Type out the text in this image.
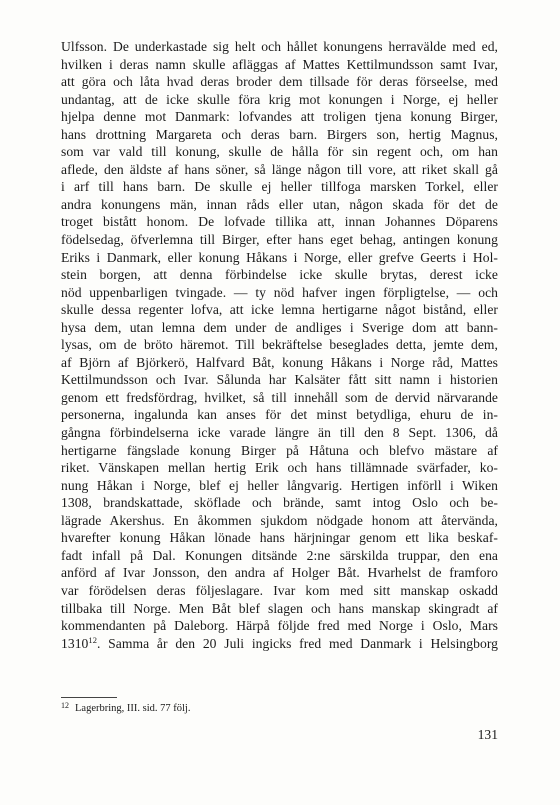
Ulfsson. De underkastade sig helt och hållet konungens herravälde med ed,
hvilken i deras namn skulle afläggas af Mattes Kettilmundsson samt Ivar,
att göra och låta hvad deras broder dem tillsade för deras förseelse, med
undantag, att de icke skulle föra krig mot konungen i Norge, ej heller
hjelpa denne mot Danmark: lofvandes att troligen tjena konung Birger,
hans drottning Margareta och deras barn. Birgers son, hertig Magnus,
som var vald till konung, skulle de hålla för sin regent och, om han
aflede, den äldste af hans söner, så länge någon till vore, att riket skall gå
i arf till hans barn. De skulle ej heller tillfoga marsken Torkel, eller
andra konungens män, innan råds eller utan, någon skada för det de
troget bistått honom. De lofvade tillika att, innan Johannes Döparens
födelsedag, öfverlemna till Birger, efter hans eget behag, antingen konung
Eriks i Danmark, eller konung Håkans i Norge, eller grefve Geerts i Hol-
stein borgen, att denna förbindelse icke skulle brytas, derest icke
nöd uppenbarligen tvingade. — ty nöd hafver ingen förpligtelse, — och
skulle dessa regenter lofva, att icke lemna hertigarne något bistånd, eller
hysa dem, utan lemna dem under de andliges i Sverige dom att bann-
lysas, om de bröto häremot. Till bekräftelse beseglades detta, jemte dem,
af Björn af Björkerö, Halfvard Båt, konung Håkans i Norge råd, Mattes
Kettilmundsson och Ivar. Sålunda har Kalsäter fått sitt namn i historien
genom ett fredsfördrag, hvilket, så till innehåll som de dervid närvarande
personerna, ingalunda kan anses för det minst betydliga, ehuru de in-
gångna förbindelserna icke varade längre än till den 8 Sept. 1306, då
hertigarne fängslade konung Birger på Håtuna och blefvo mästare af
riket. Vänskapen mellan hertig Erik och hans tillämnade svärfader, ko-
nung Håkan i Norge, blef ej heller långvarig. Hertigen införll i Wiken
1308, brandskattade, sköflade och brände, samt intog Oslo och be-
lägrade Akershus. En åkommen sjukdom nödgade honom att återvända,
hvarefter konung Håkan lönade hans härjningar genom ett lika beskaf-
fadt infall på Dal. Konungen ditsände 2:ne särskilda truppar, den ena
anförd af Ivar Jonsson, den andra af Holger Båt. Hvarhelst de framforo
var förödelsen deras följeslagare. Ivar kom med sitt manskap oskadd
tillbaka till Norge. Men Båt blef slagen och hans manskap skingradt af
kommendanten på Daleborg. Härpå följde fred med Norge i Oslo, Mars
1310$^{12}$. Samma år den 20 Juli ingicks fred med Danmark i Helsingborg
$^{12}$ Lagerbring, III. sid. 77 följ.
131
